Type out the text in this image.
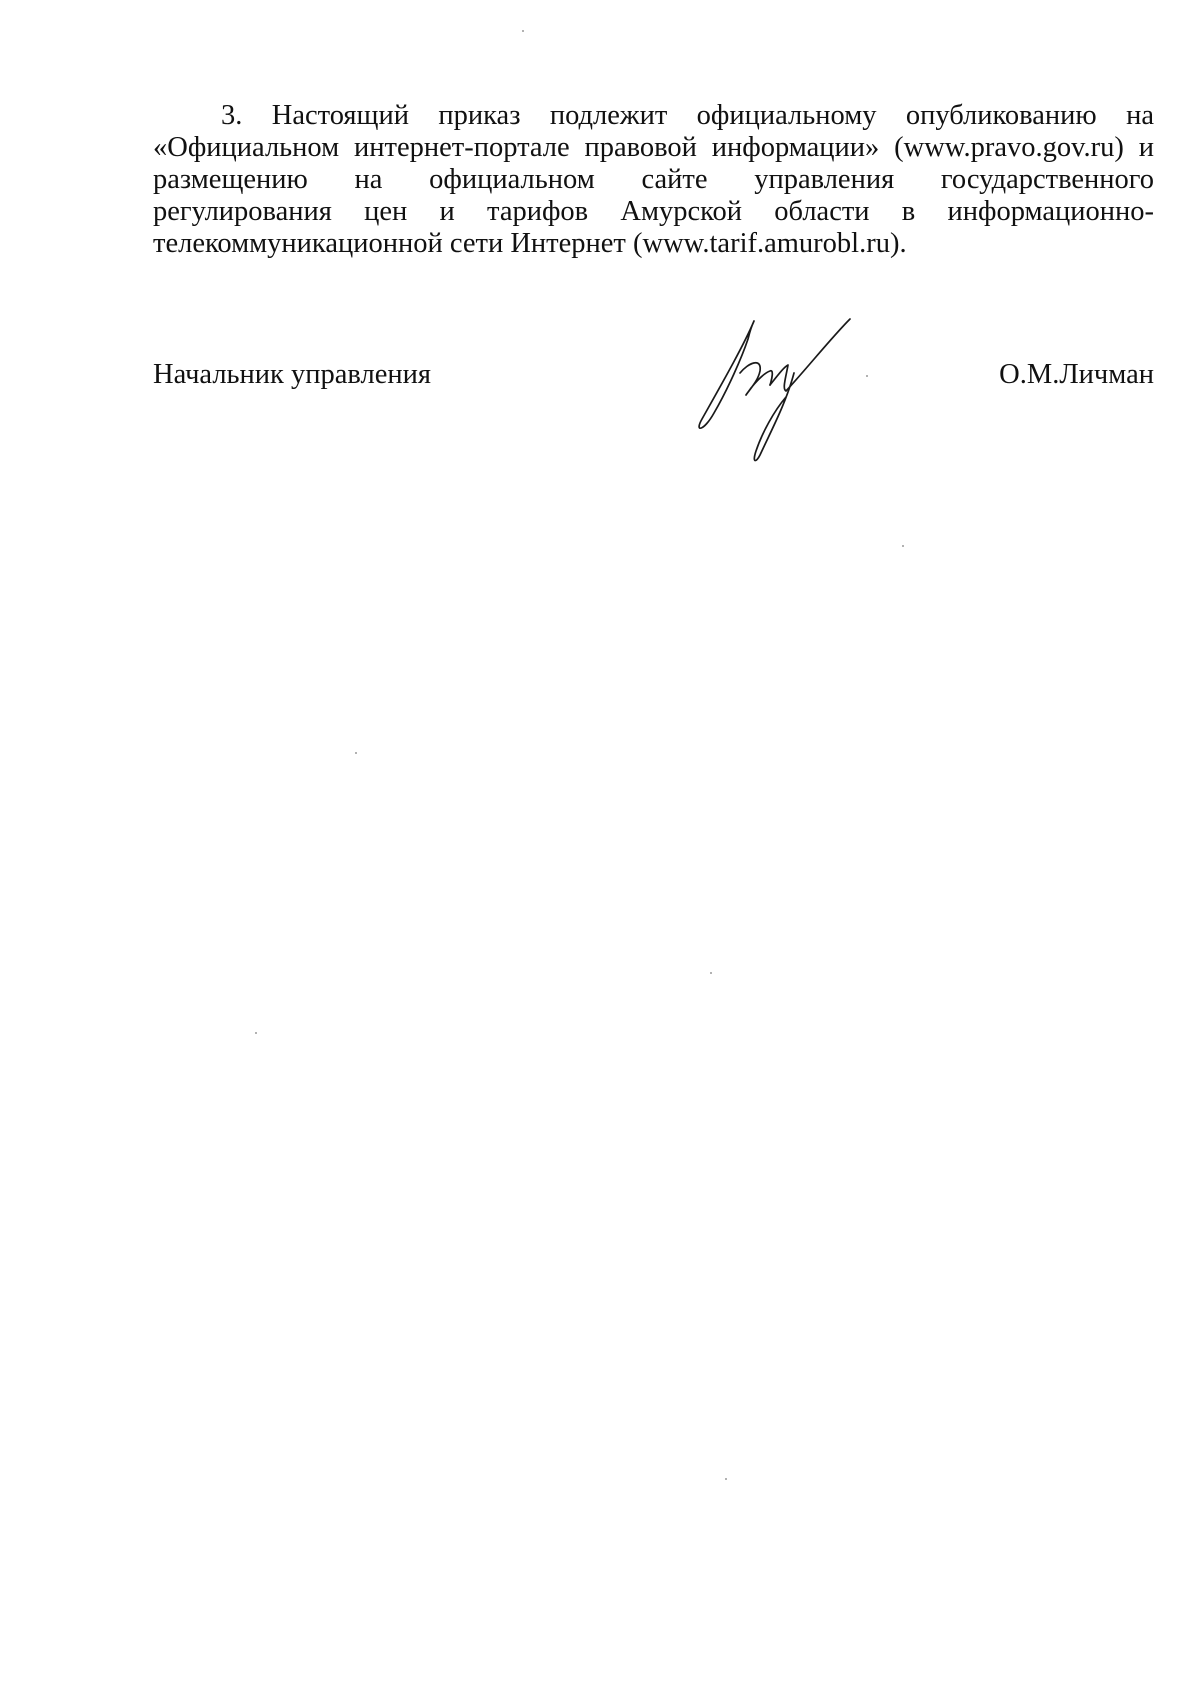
3. Настоящий приказ подлежит официальному опубликованию на
«Официальном интернет-портале правовой информации» (www.pravo.gov.ru) и
размещению на официальном сайте управления государственного
регулирования цен и тарифов Амурской области в информационно-
телекоммуникационной сети Интернет (www.tarif.amurobl.ru).
Начальник управления	О.М.Личман
